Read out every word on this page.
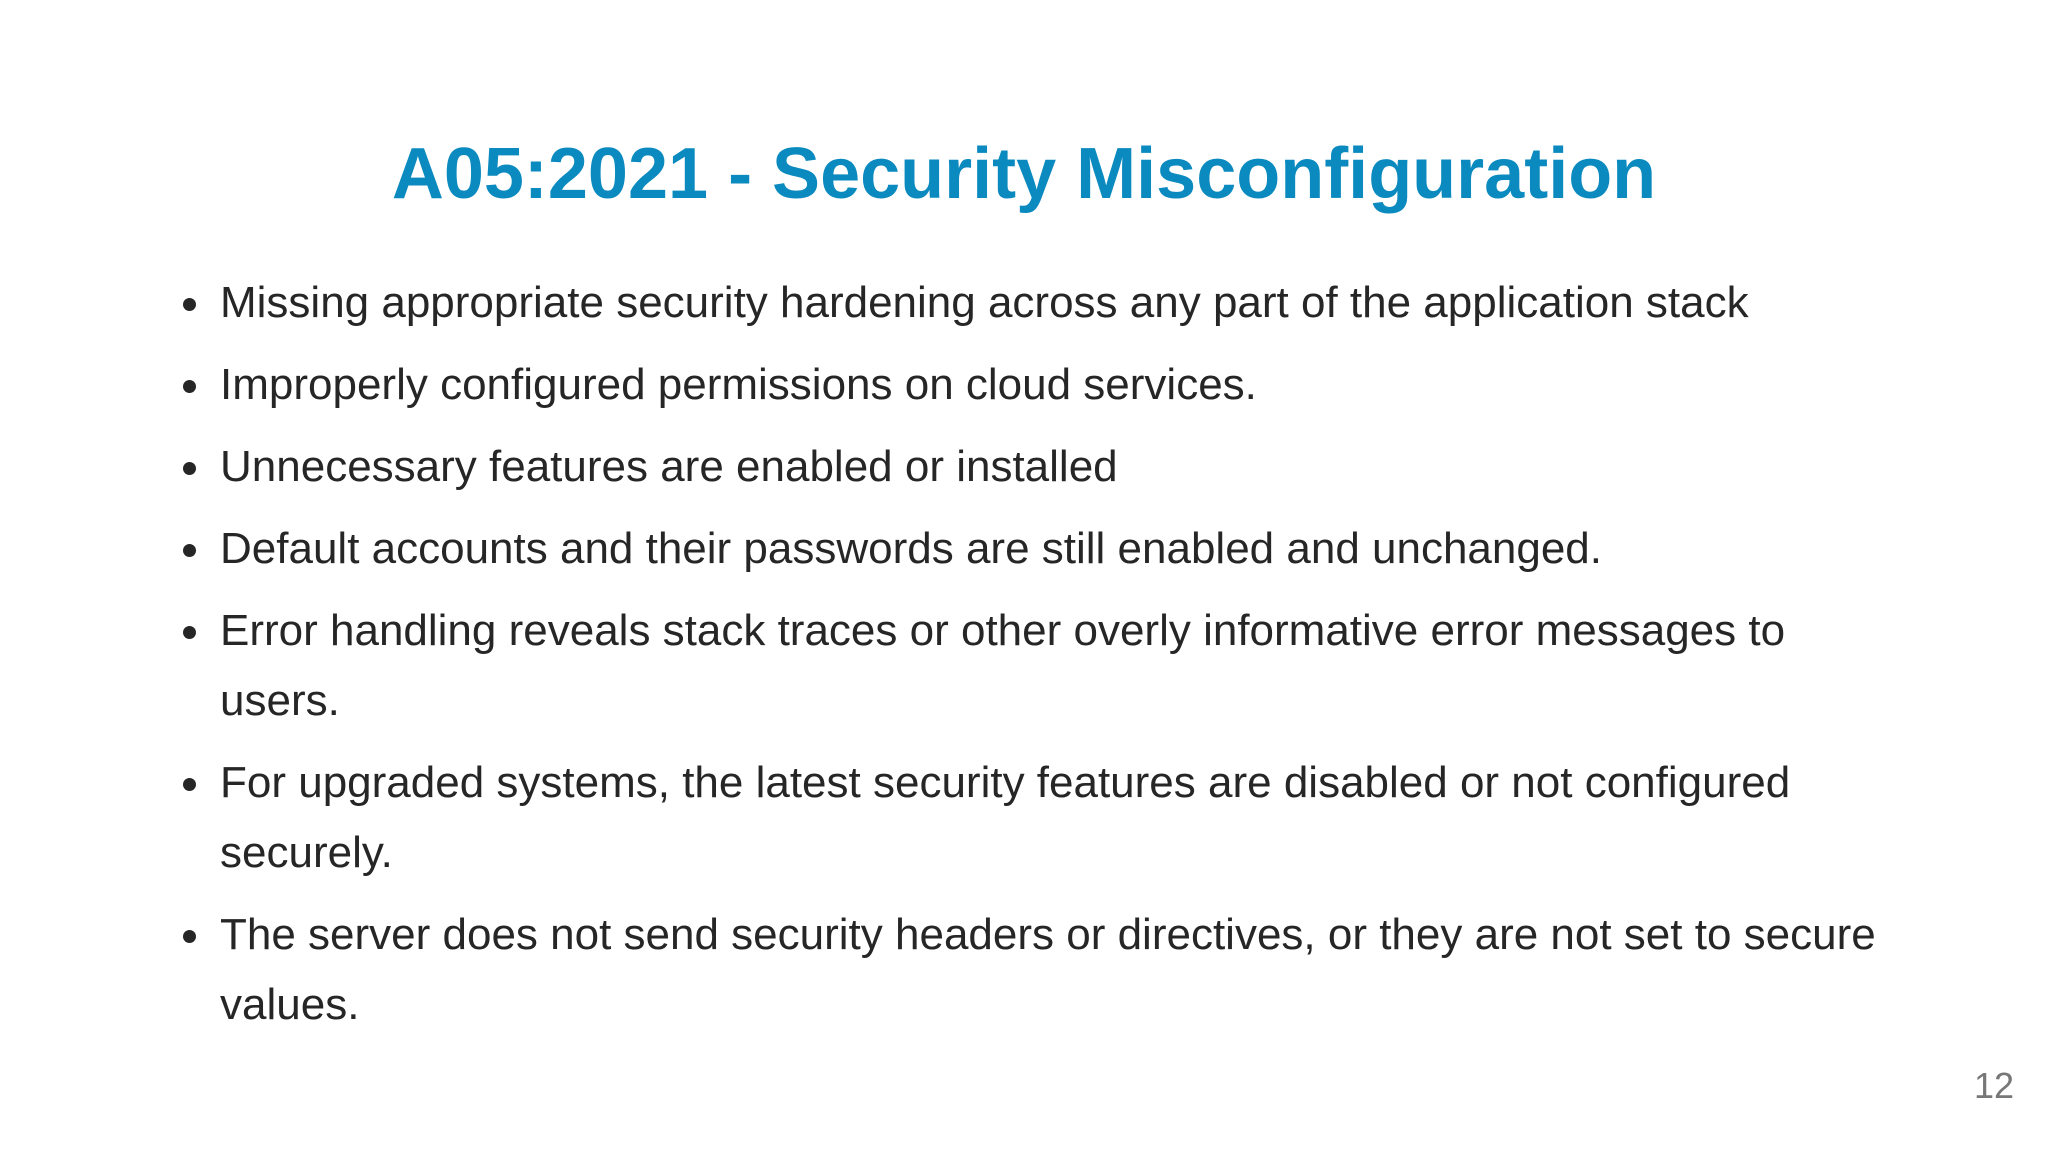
A05:2021 - Security Misconfiguration
Missing appropriate security hardening across any part of the application stack
Improperly configured permissions on cloud services.
Unnecessary features are enabled or installed
Default accounts and their passwords are still enabled and unchanged.
Error handling reveals stack traces or other overly informative error messages to users.
For upgraded systems, the latest security features are disabled or not configured securely.
The server does not send security headers or directives, or they are not set to secure values.
12
